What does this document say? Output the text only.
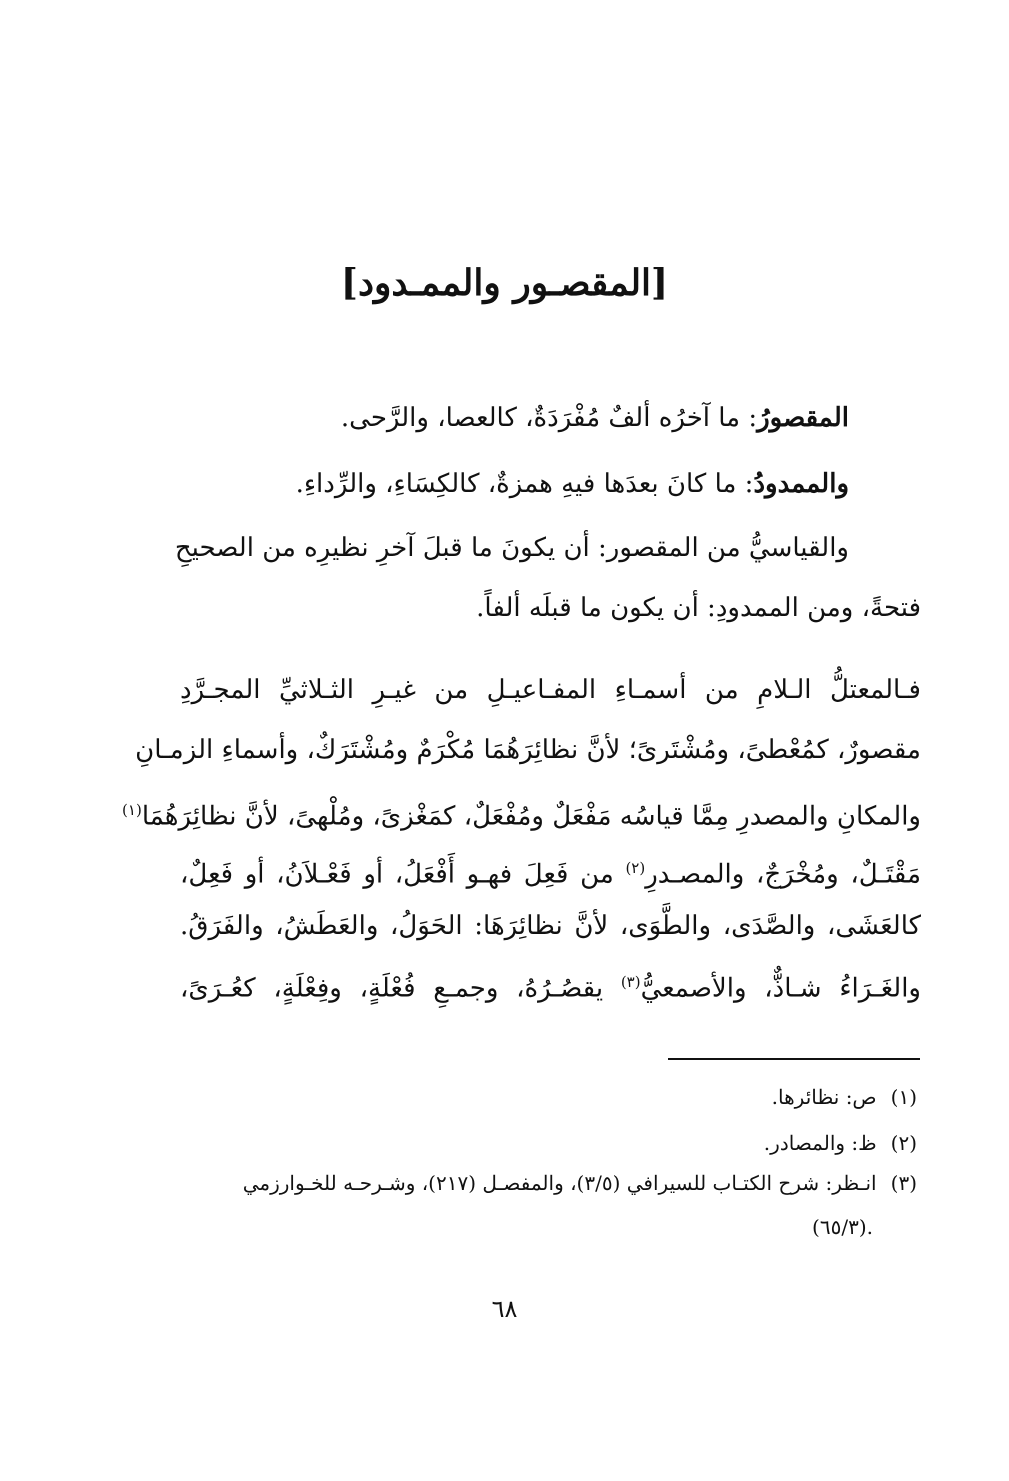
[المقصـور والممـدود]
المقصورُ: ما آخرُه ألفٌ مُفْرَدَةٌ، كالعصا، والرَّحى.
والممدودُ: ما كانَ بعدَها فيهِ همزةٌ، كالكِسَاءِ، والرِّداءِ.
والقياسيُّ من المقصور: أن يكونَ ما قبلَ آخرِ نظيرِه من الصحيحِ
فتحةً، ومن الممدودِ: أن يكون ما قبلَه ألفاً.
فـالمعتلُّ الـلامِ من أسمـاءِ المفـاعيـلِ من غيـرِ الثـلاثيِّ المجـرَّدِ
مقصورٌ، كمُعْطىً، ومُشْتَرىً؛ لأنَّ نظائِرَهُمَا مُكْرَمٌ ومُشْتَرَكٌ، وأسماءِ الزمـانِ
والمكانِ والمصدرِ مِمَّا قياسُه مَفْعَلٌ ومُفْعَلٌ، كمَغْزىً، ومُلْهىً، لأنَّ نظائِرَهُمَا$^{(١)}$
مَقْتَـلٌ، ومُخْرَجٌ، والمصـدرِ$^{(٢)}$ من فَعِلَ فهـو أَفْعَلُ، أو فَعْـلاَنُ، أو فَعِلٌ،
كالعَشَى، والصَّدَى، والطَّوَى، لأنَّ نظائِرَهَا: الحَوَلُ، والعَطَشُ، والفَرَقُ.
والغَـرَاءُ شـاذٌّ، والأصمعيُّ$^{(٣)}$ يقصُـرُهُ، وجمـعِ فُعْلَةٍ، وفِعْلَةٍ، كعُـرَىً،
(١)ص: نظائرها.
(٢)ظ: والمصادر.
(٣)انـظر: شرح الكتـاب للسيرافي (٣/٥)، والمفصـل (٢١٧)، وشـرحـه للخـوارزمي
(٦٥/٣).
٦٨
